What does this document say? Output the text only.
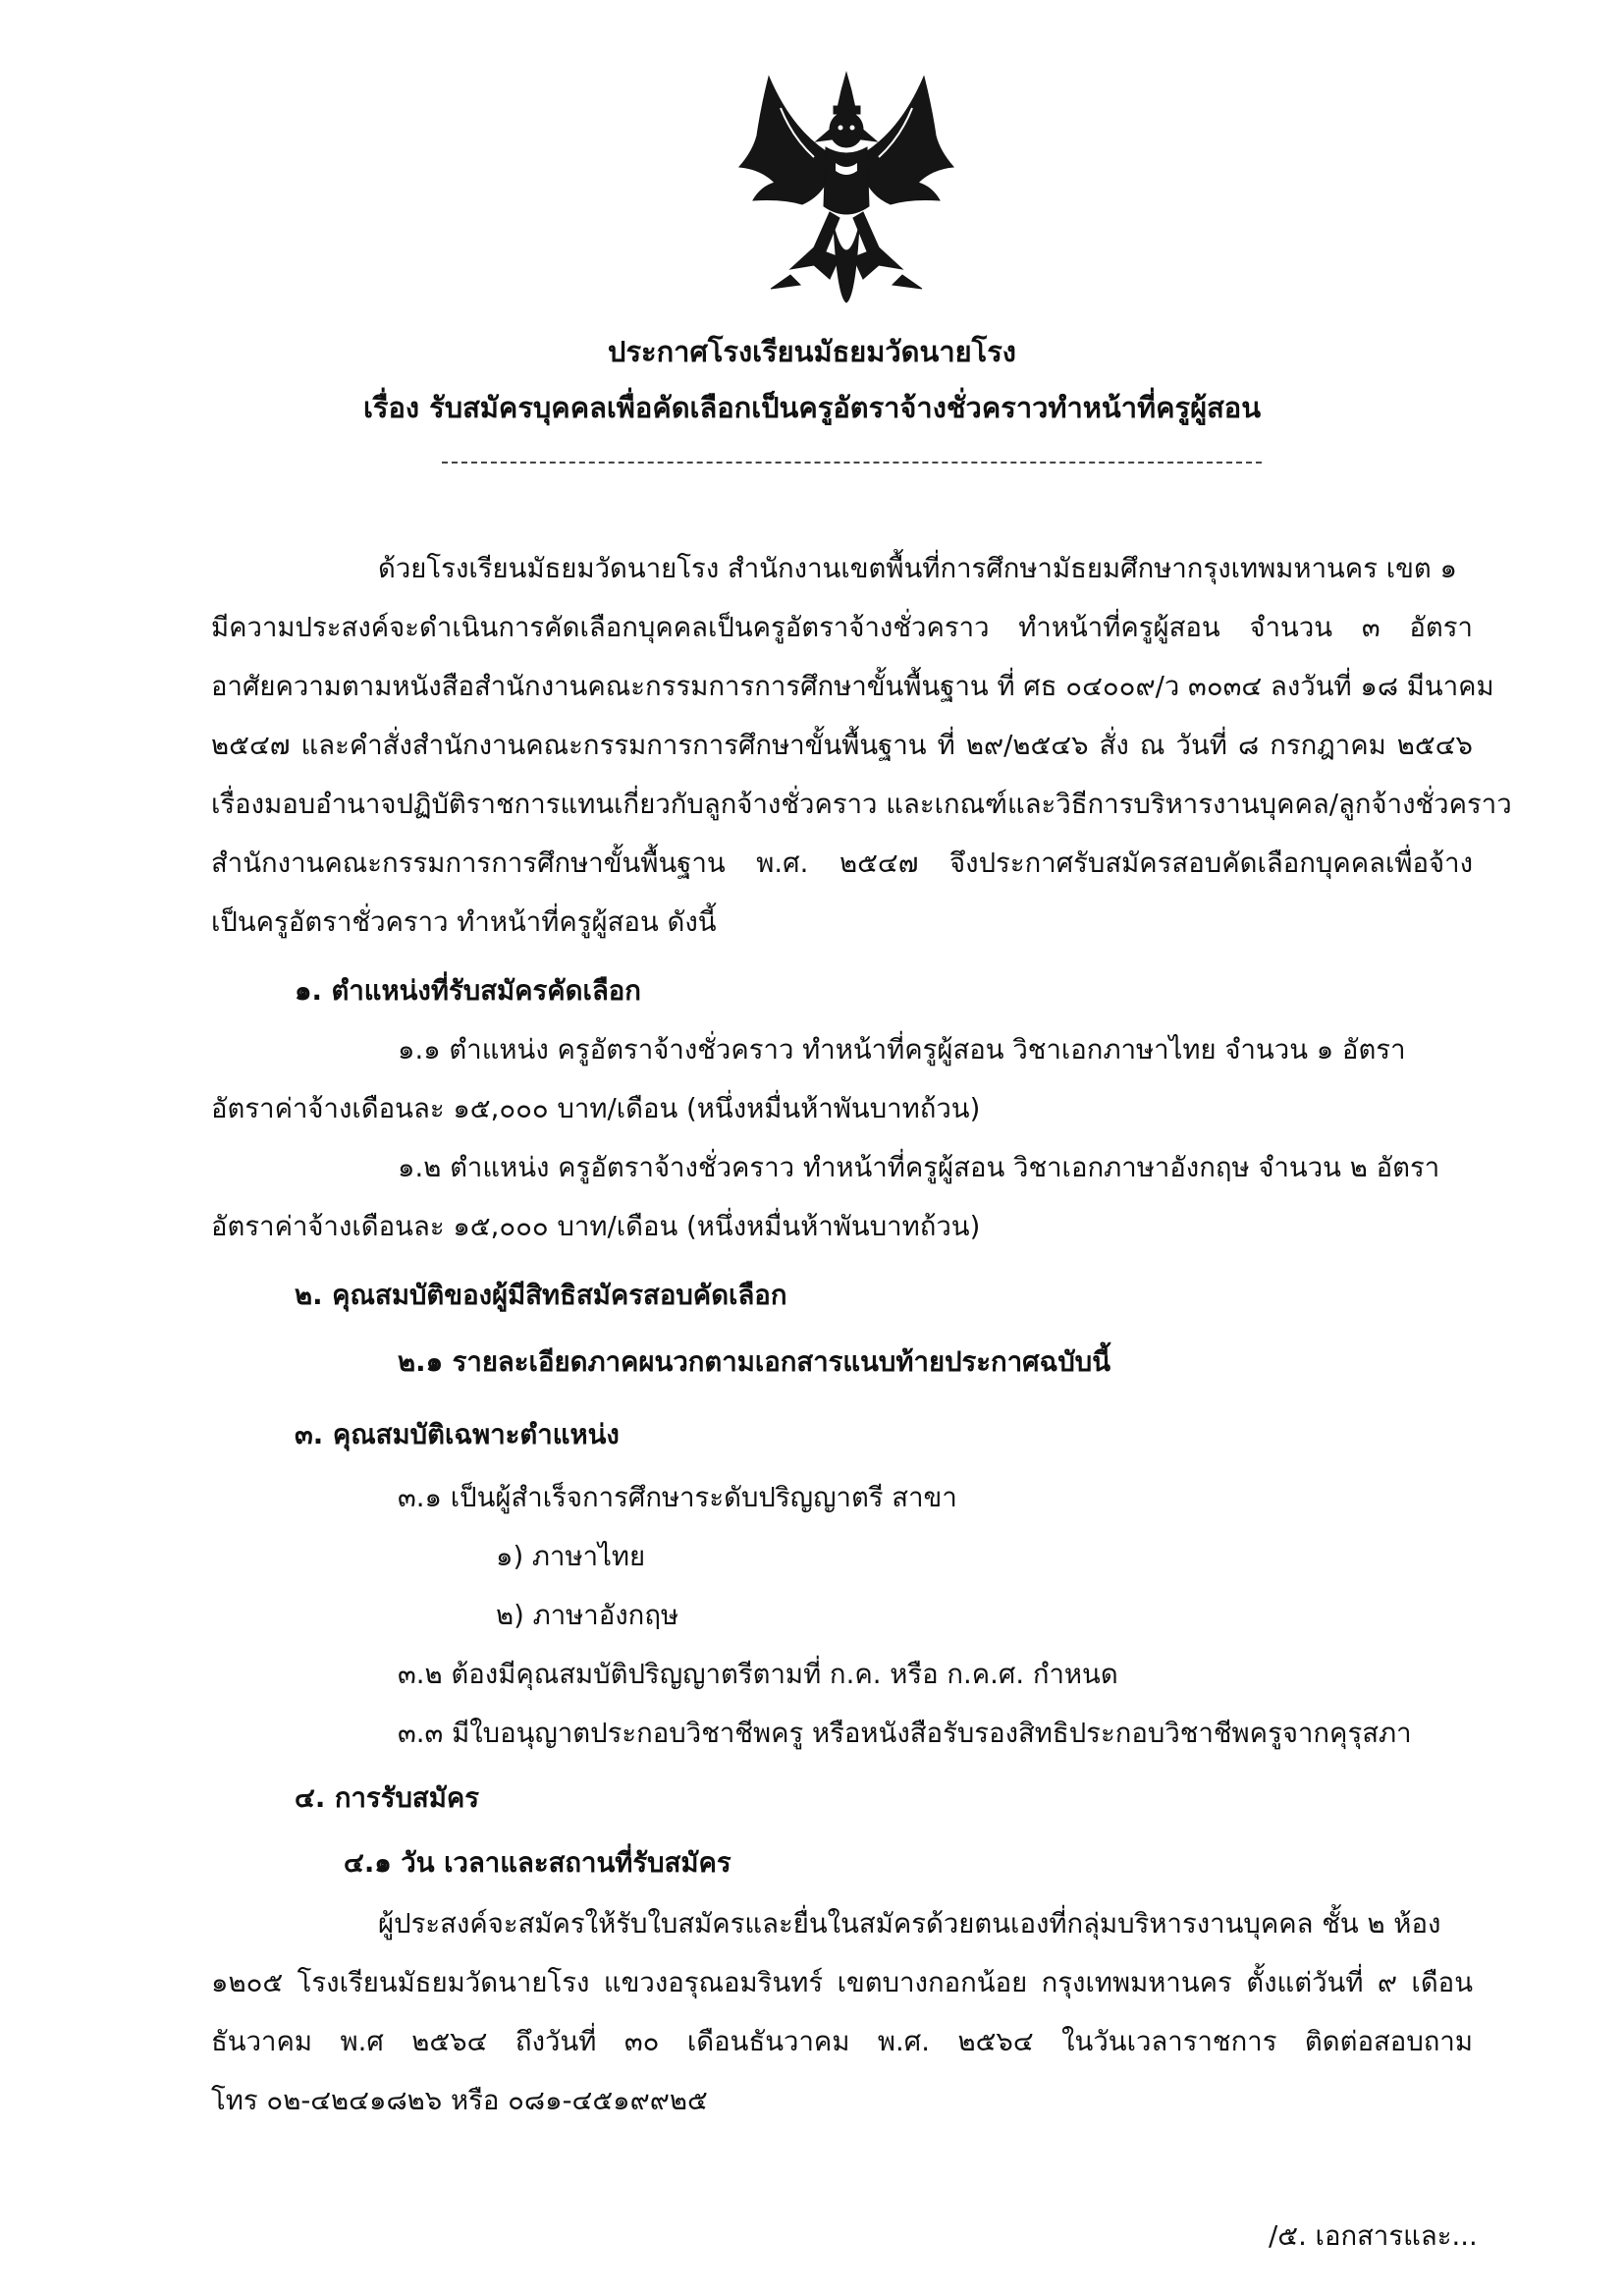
ประกาศโรงเรียนมัธยมวัดนายโรง
เรื่อง รับสมัครบุคคลเพื่อคัดเลือกเป็นครูอัตราจ้างชั่วคราวทำหน้าที่ครูผู้สอน
ด้วยโรงเรียนมัธยมวัดนายโรง สำนักงานเขตพื้นที่การศึกษามัธยมศึกษากรุงเทพมหานคร เขต ๑
มีความประสงค์จะดำเนินการคัดเลือกบุคคลเป็นครูอัตราจ้างชั่วคราว ทำหน้าที่ครูผู้สอน จำนวน ๓ อัตรา
อาศัยความตามหนังสือสำนักงานคณะกรรมการการศึกษาขั้นพื้นฐาน ที่ ศธ ๐๔๐๐๙/ว ๓๐๓๔ ลงวันที่ ๑๘ มีนาคม
๒๕๔๗ และคำสั่งสำนักงานคณะกรรมการการศึกษาขั้นพื้นฐาน ที่ ๒๙/๒๕๔๖ สั่ง ณ วันที่ ๘ กรกฎาคม ๒๕๔๖
เรื่องมอบอำนาจปฏิบัติราชการแทนเกี่ยวกับลูกจ้างชั่วคราว และเกณฑ์และวิธีการบริหารงานบุคคล/ลูกจ้างชั่วคราว
สำนักงานคณะกรรมการการศึกษาขั้นพื้นฐาน พ.ศ. ๒๕๔๗ จึงประกาศรับสมัครสอบคัดเลือกบุคคลเพื่อจ้าง
เป็นครูอัตราชั่วคราว ทำหน้าที่ครูผู้สอน ดังนี้
๑. ตำแหน่งที่รับสมัครคัดเลือก
๑.๑ ตำแหน่ง ครูอัตราจ้างชั่วคราว ทำหน้าที่ครูผู้สอน วิชาเอกภาษาไทย จำนวน ๑ อัตรา
อัตราค่าจ้างเดือนละ ๑๕,๐๐๐ บาท/เดือน (หนึ่งหมื่นห้าพันบาทถ้วน)
๑.๒ ตำแหน่ง ครูอัตราจ้างชั่วคราว ทำหน้าที่ครูผู้สอน วิชาเอกภาษาอังกฤษ จำนวน ๒ อัตรา
อัตราค่าจ้างเดือนละ ๑๕,๐๐๐ บาท/เดือน (หนึ่งหมื่นห้าพันบาทถ้วน)
๒. คุณสมบัติของผู้มีสิทธิสมัครสอบคัดเลือก
๒.๑ รายละเอียดภาคผนวกตามเอกสารแนบท้ายประกาศฉบับนี้
๓. คุณสมบัติเฉพาะตำแหน่ง
๓.๑ เป็นผู้สำเร็จการศึกษาระดับปริญญาตรี สาขา
๑) ภาษาไทย
๒) ภาษาอังกฤษ
๓.๒ ต้องมีคุณสมบัติปริญญาตรีตามที่ ก.ค. หรือ ก.ค.ศ. กำหนด
๓.๓ มีใบอนุญาตประกอบวิชาชีพครู หรือหนังสือรับรองสิทธิประกอบวิชาชีพครูจากคุรุสภา
๔. การรับสมัคร
๔.๑ วัน เวลาและสถานที่รับสมัคร
ผู้ประสงค์จะสมัครให้รับใบสมัครและยื่นในสมัครด้วยตนเองที่กลุ่มบริหารงานบุคคล ชั้น ๒ ห้อง
๑๒๐๕ โรงเรียนมัธยมวัดนายโรง แขวงอรุณอมรินทร์ เขตบางกอกน้อย กรุงเทพมหานคร ตั้งแต่วันที่ ๙ เดือน
ธันวาคม พ.ศ ๒๕๖๔ ถึงวันที่ ๓๐ เดือนธันวาคม พ.ศ. ๒๕๖๔ ในวันเวลาราชการ ติดต่อสอบถาม
โทร ๐๒-๔๒๔๑๘๒๖ หรือ ๐๘๑-๔๕๑๙๙๒๕
/๕. เอกสารและ...
